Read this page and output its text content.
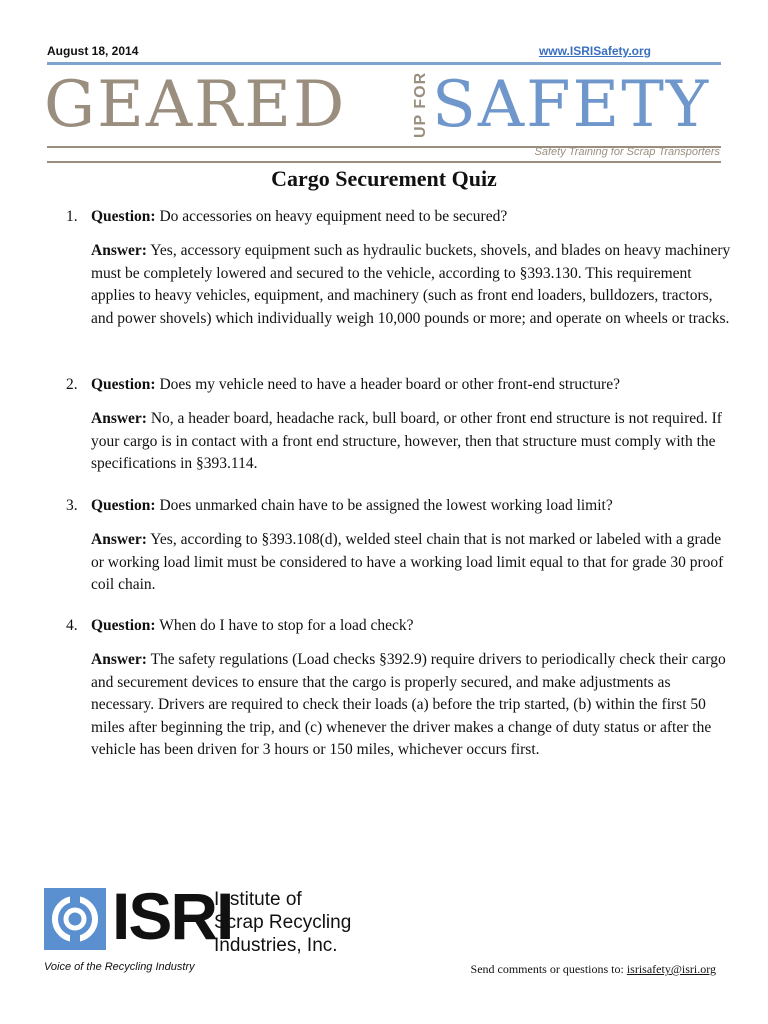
August 18, 2014	www.ISRISafety.org
GEARED	UP FOR SAFETY
Safety Training for Scrap Transporters
Cargo Securement Quiz
1. Question: Do accessories on heavy equipment need to be secured?
Answer: Yes, accessory equipment such as hydraulic buckets, shovels, and blades on heavy machinery must be completely lowered and secured to the vehicle, according to §393.130. This requirement applies to heavy vehicles, equipment, and machinery (such as front end loaders, bulldozers, tractors, and power shovels) which individually weigh 10,000 pounds or more; and operate on wheels or tracks.
2. Question: Does my vehicle need to have a header board or other front-end structure?
Answer: No, a header board, headache rack, bull board, or other front end structure is not required. If your cargo is in contact with a front end structure, however, then that structure must comply with the specifications in §393.114.
3. Question: Does unmarked chain have to be assigned the lowest working load limit?
Answer: Yes, according to §393.108(d), welded steel chain that is not marked or labeled with a grade or working load limit must be considered to have a working load limit equal to that for grade 30 proof coil chain.
4. Question: When do I have to stop for a load check?
Answer: The safety regulations (Load checks §392.9) require drivers to periodically check their cargo and securement devices to ensure that the cargo is properly secured, and make adjustments as necessary. Drivers are required to check their loads (a) before the trip started, (b) within the first 50 miles after beginning the trip, and (c) whenever the driver makes a change of duty status or after the vehicle has been driven for 3 hours or 150 miles, whichever occurs first.
ISRI
Institute of
Scrap Recycling
Industries, Inc.
Voice of the Recycling Industry	Send comments or questions to: isrisafety@isri.org
